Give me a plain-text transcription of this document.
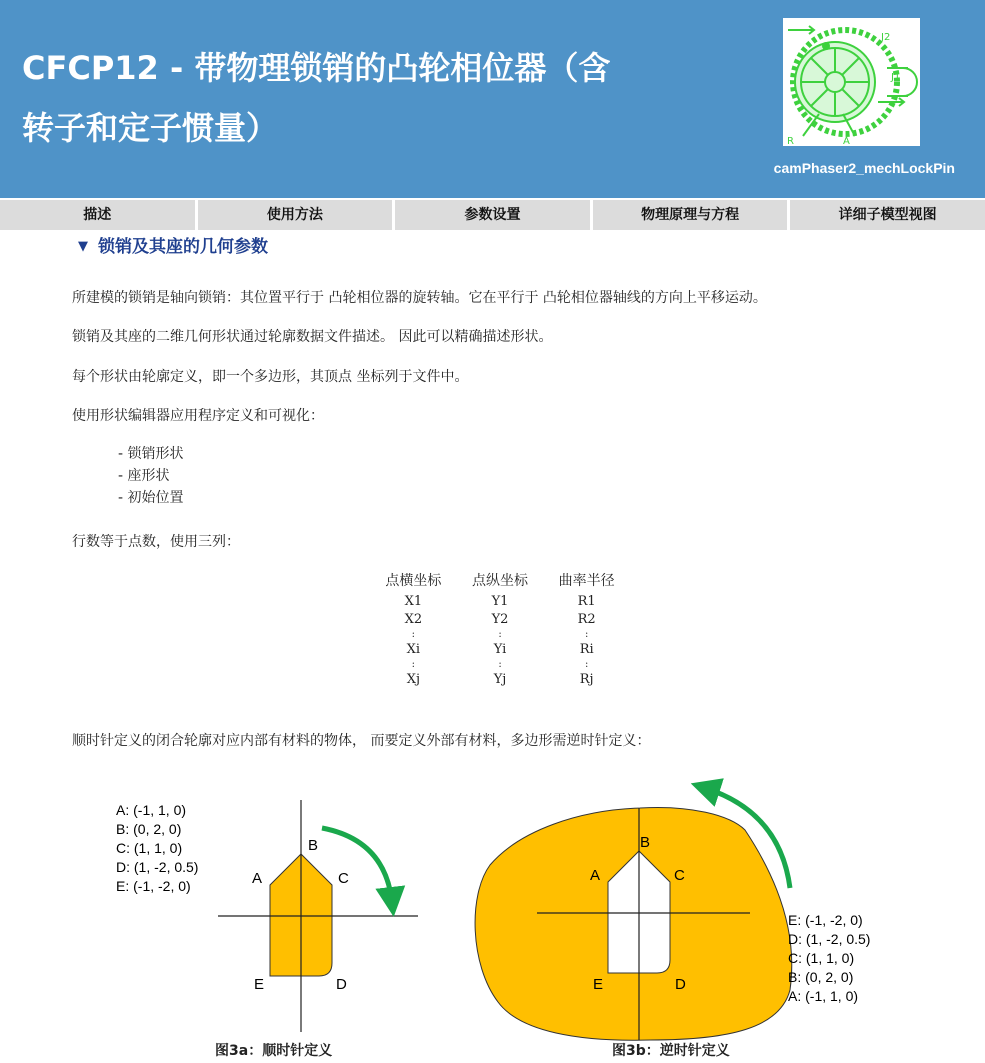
CFCP12 - 带物理锁销的凸轮相位器（含
转子和定子惯量）
J2
J1
R	A
camPhaser2_mechLockPin
描述	使用方法	参数设置	物理原理与方程	详细子模型视图
▼ 锁销及其座的几何参数
所建模的锁销是轴向锁销：其位置平行于 凸轮相位器的旋转轴。它在平行于 凸轮相位器轴线的方向上平移运动。
锁销及其座的二维几何形状通过轮廓数据文件描述。 因此可以精确描述形状。
每个形状由轮廓定义，即一个多边形，其顶点 坐标列于文件中。
使用形状编辑器应用程序定义和可视化：
- 锁销形状
- 座形状
- 初始位置
行数等于点数，使用三列：
点横坐标	点纵坐标	曲率半径
X1	Y1	R1
X2	Y2	R2
:	:	:
Xi	Yi	Ri
:	:	:
Xj	Yj	Rj
顺时针定义的闭合轮廓对应内部有材料的物体， 而要定义外部有材料，多边形需逆时针定义：
A: (-1, 1, 0)
B: (0, 2, 0)
C: (1, 1, 0)
D: (1, -2, 0.5)
E: (-1, -2, 0)	A
B
C
D
E
A
B
C
D
E
E: (-1, -2, 0)
D: (1, -2, 0.5)
C: (1, 1, 0)
B: (0, 2, 0)
A: (-1, 1, 0)
图3a：顺时针定义	图3b：逆时针定义
